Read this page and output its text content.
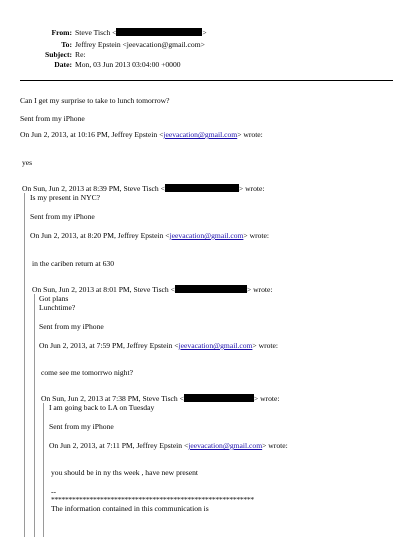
From: Steve Tisch <	>
To: Jeffrey Epstein <jeevacation@gmail.com>
Subject: Re:
Date: Mon, 03 Jun 2013 03:04:00 +0000
Can I get my surprise to take to lunch tomorrow?
Sent from my iPhone
On Jun 2, 2013, at 10:16 PM, Jeffrey Epstein <jeevacation@gmail.com> wrote:
yes
On Sun, Jun 2, 2013 at 8:39 PM, Steve Tisch <	> wrote:
Is my present in NYC?
Sent from my iPhone
On Jun 2, 2013, at 8:20 PM, Jeffrey Epstein <jeevacation@gmail.com> wrote:
in the cariben return at 630
On Sun, Jun 2, 2013 at 8:01 PM, Steve Tisch <	> wrote:
Got plans
Lunchtime?
Sent from my iPhone
On Jun 2, 2013, at 7:59 PM, Jeffrey Epstein <jeevacation@gmail.com> wrote:
come see me tomorrwo night?
On Sun, Jun 2, 2013 at 7:38 PM, Steve Tisch <	> wrote:
I am going back to LA on Tuesday
Sent from my iPhone
On Jun 2, 2013, at 7:11 PM, Jeffrey Epstein <jeevacation@gmail.com> wrote:
you should be in ny ths week , have new present
--
**********************************************************
The information contained in this communication is
